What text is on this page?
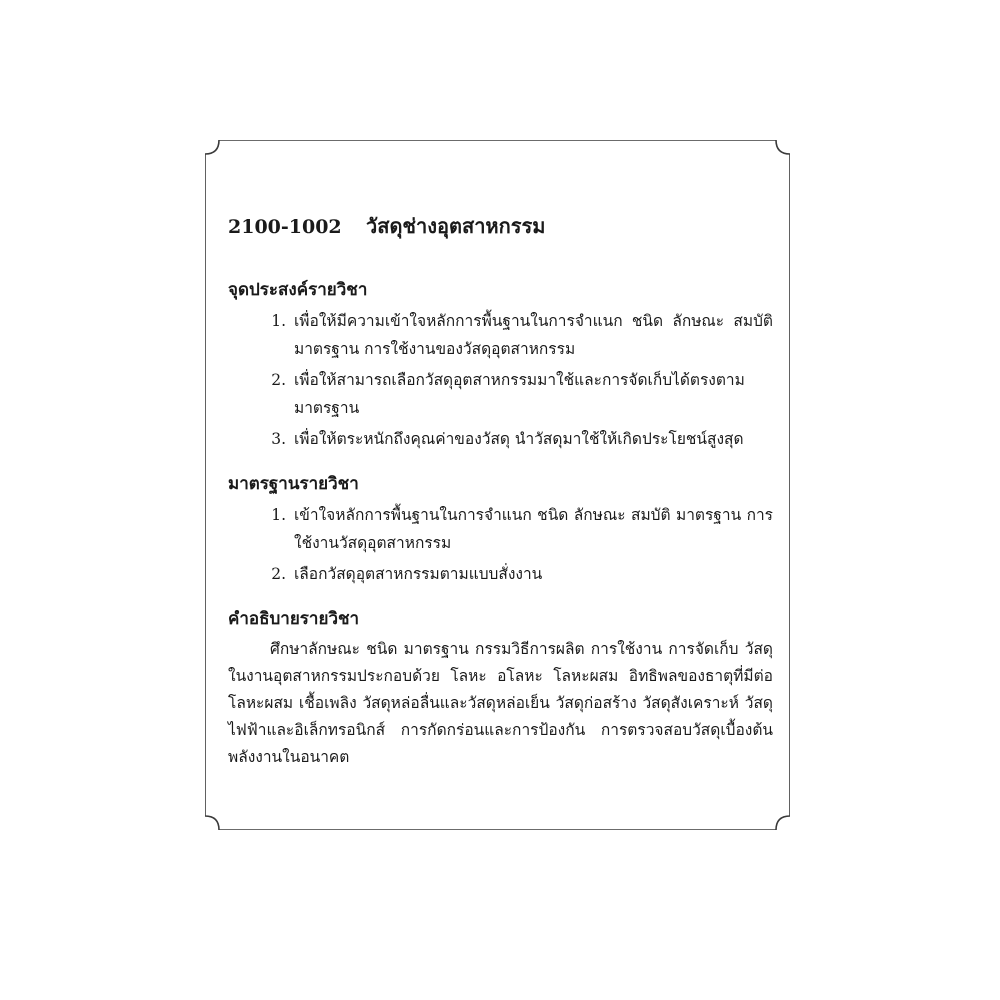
2100-1002	วัสดุช่างอุตสาหกรรม
จุดประสงค์รายวิชา
1. เพื่อให้มีความเข้าใจหลักการพื้นฐานในการจำแนก ชนิด ลักษณะ สมบัติ มาตรฐาน การใช้งานของวัสดุอุตสาหกรรม
2. เพื่อให้สามารถเลือกวัสดุอุตสาหกรรมมาใช้และการจัดเก็บได้ตรงตามมาตรฐาน
3. เพื่อให้ตระหนักถึงคุณค่าของวัสดุ นำวัสดุมาใช้ให้เกิดประโยชน์สูงสุด
มาตรฐานรายวิชา
1. เข้าใจหลักการพื้นฐานในการจำแนก ชนิด ลักษณะ สมบัติ มาตรฐาน การใช้งานวัสดุอุตสาหกรรม
2. เลือกวัสดุอุตสาหกรรมตามแบบสั่งงาน
คำอธิบายรายวิชา

ศึกษาลักษณะ ชนิด มาตรฐาน กรรมวิธีการผลิต การใช้งาน การจัดเก็บ วัสดุในงานอุตสาหกรรมประกอบด้วย โลหะ อโลหะ โลหะผสม อิทธิพลของธาตุที่มีต่อโลหะผสม เชื้อเพลิง วัสดุหล่อลื่นและวัสดุหล่อเย็น วัสดุก่อสร้าง วัสดุสังเคราะห์ วัสดุไฟฟ้าและอิเล็กทรอนิกส์ การกัดกร่อนและการป้องกัน การตรวจสอบวัสดุเบื้องต้น พลังงานในอนาคต
